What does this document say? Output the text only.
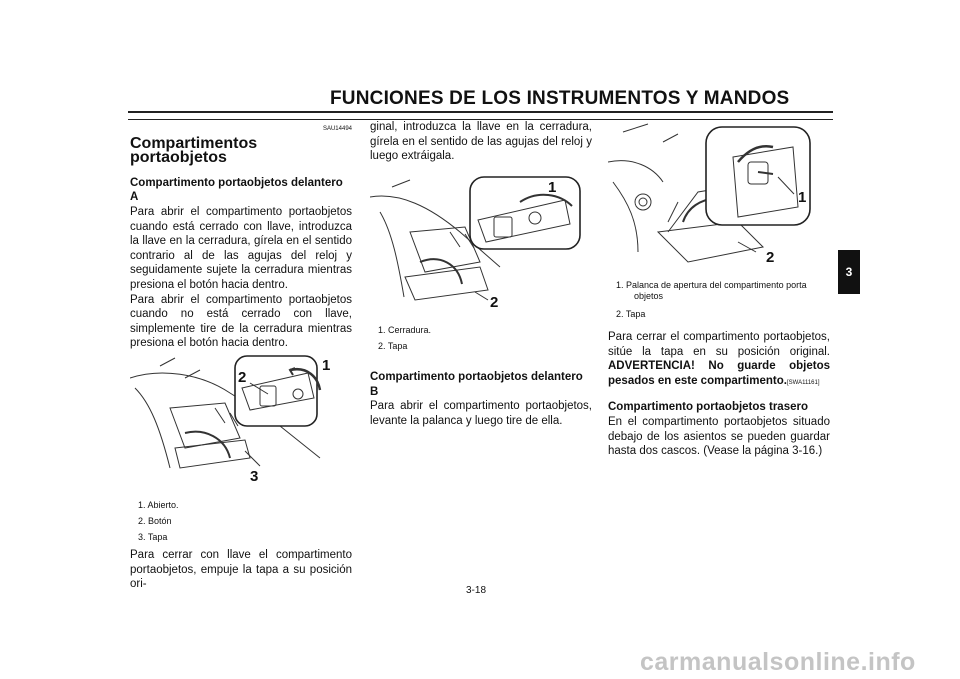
FUNCIONES DE LOS INSTRUMENTOS Y MANDOS
3
SAU14494
Compartimentos portaobjetos
Compartimento portaobjetos delantero A

Para abrir el compartimento portaobjetos cuando está cerrado con llave, introduzca la llave en la cerradura, gírela en el sentido contrario al de las agujas del reloj y seguidamente sujete la cerradura mientras presiona el botón hacia dentro.

Para abrir el compartimento portaobjetos cuando no está cerrado con llave, simplemente tire de la cerradura mientras presiona el botón hacia dentro.

1
2
3
1. Abierto.
2. Botón
3. Tapa

Para cerrar con llave el compartimento portaobjetos, empuje la tapa a su posición ori-

ginal, introduzca la llave en la cerradura, gírela en el sentido de las agujas del reloj y luego extráigala.

1
2
1. Cerradura.
2. Tapa
Compartimento portaobjetos delantero B

Para abrir el compartimento portaobjetos, levante la palanca y luego tire de ella.

1
2
1. Palanca de apertura del compartimento porta objetos
2. Tapa

Para cerrar el compartimento portaobjetos, sitúe la tapa en su posición original. ADVERTENCIA! No guarde objetos pesados en este compartimento.[SWA11161]

Compartimento portaobjetos trasero

En el compartimento portaobjetos situado debajo de los asientos se pueden guardar hasta dos cascos. (Vease la página 3-16.)

3-18
carmanualsonline.info
